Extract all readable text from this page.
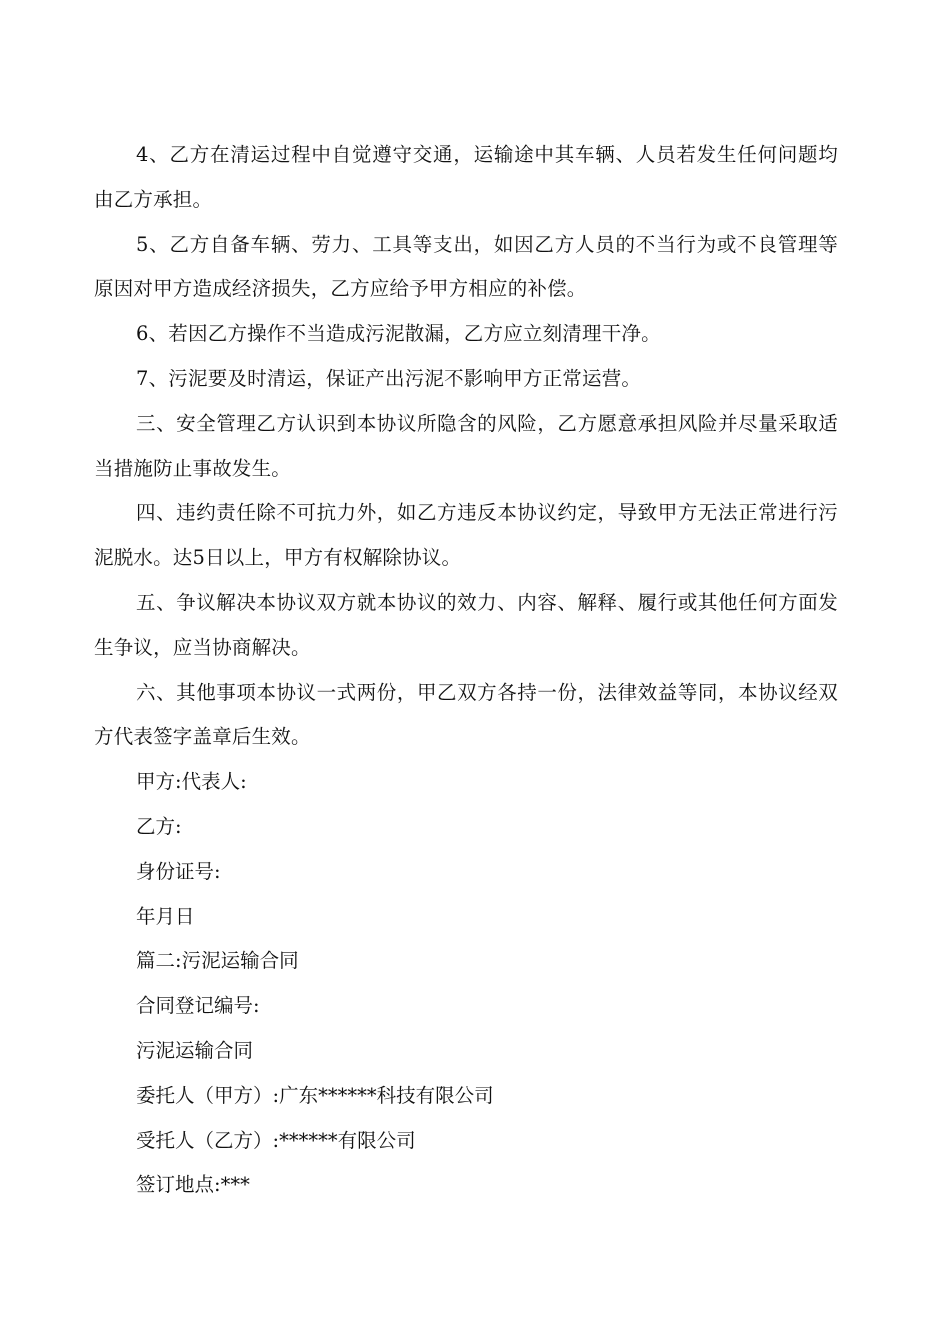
4、乙方在清运过程中自觉遵守交通，运输途中其车辆、人员若发生任何问题均由乙方承担。

5、乙方自备车辆、劳力、工具等支出，如因乙方人员的不当行为或不良管理等原因对甲方造成经济损失，乙方应给予甲方相应的补偿。

6、若因乙方操作不当造成污泥散漏，乙方应立刻清理干净。

7、污泥要及时清运，保证产出污泥不影响甲方正常运营。

三、安全管理乙方认识到本协议所隐含的风险，乙方愿意承担风险并尽量采取适当措施防止事故发生。

四、违约责任除不可抗力外，如乙方违反本协议约定，导致甲方无法正常进行污泥脱水。达5日以上，甲方有权解除协议。

五、争议解决本协议双方就本协议的效力、内容、解释、履行或其他任何方面发生争议，应当协商解决。

六、其他事项本协议一式两份，甲乙双方各持一份，法律效益等同，本协议经双方代表签字盖章后生效。

甲方:代表人:

乙方:

身份证号:

年月日

篇二:污泥运输合同

合同登记编号:

污泥运输合同

委托人（甲方）:广东******科技有限公司

受托人（乙方）:******有限公司

签订地点:***
